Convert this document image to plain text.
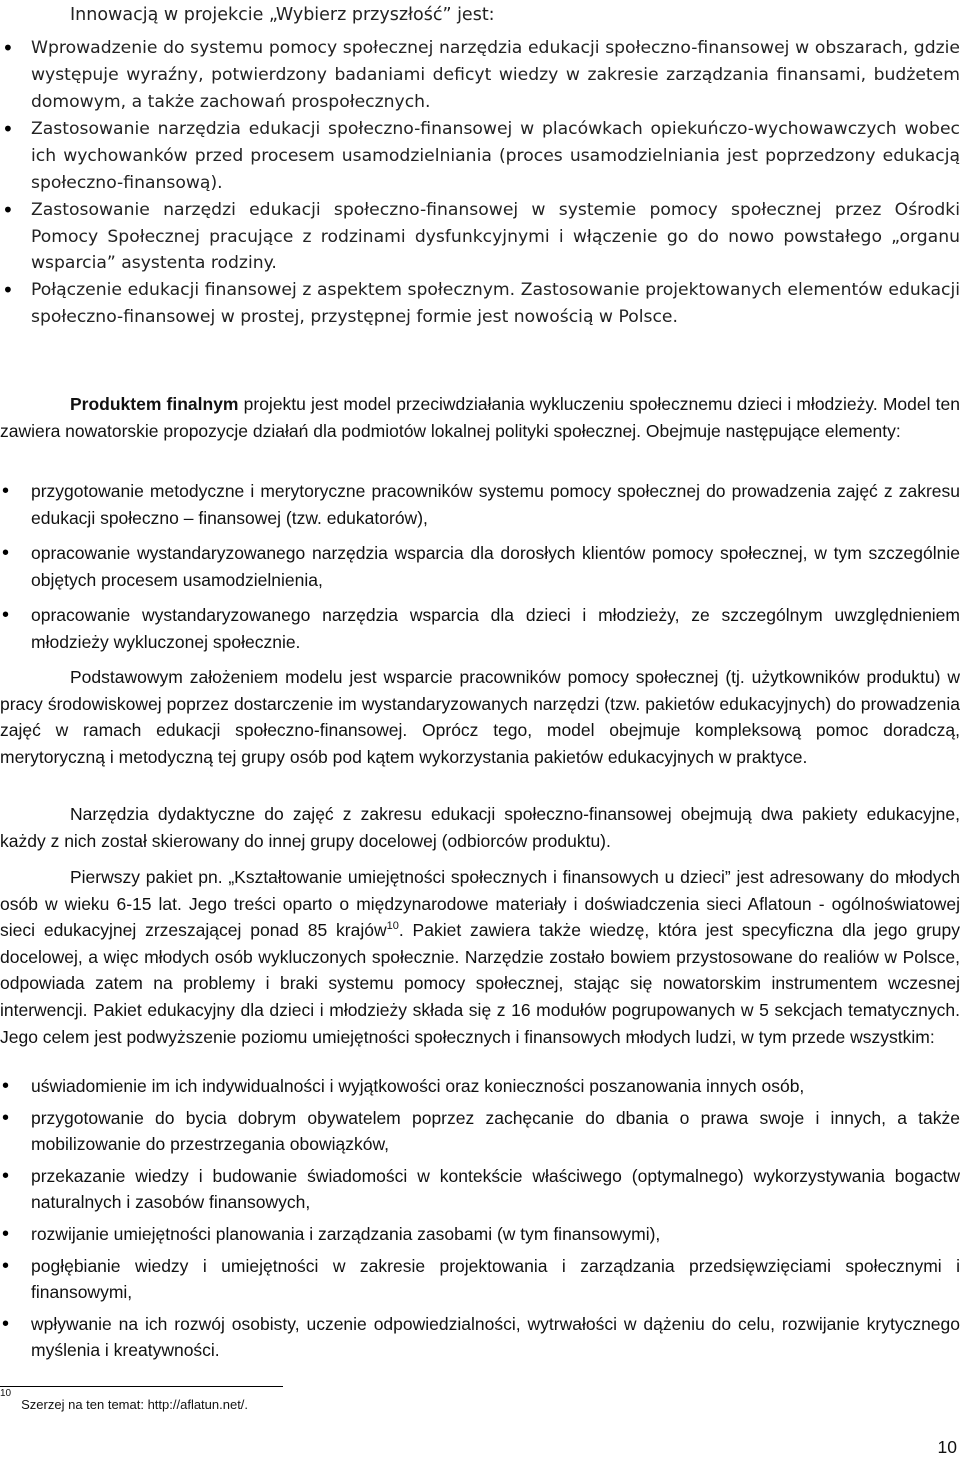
Innowacją w projekcie „Wybierz przyszłość” jest:
• Wprowadzenie do systemu pomocy społecznej narzędzia edukacji społeczno-finansowej w obszarach, gdzie występuje wyraźny, potwierdzony badaniami deficyt wiedzy w zakresie zarządzania finansami, budżetem domowym, a także zachowań prospołecznych.
• Zastosowanie narzędzia edukacji społeczno-finansowej w placówkach opiekuńczo-wychowawczych wobec ich wychowanków przed procesem usamodzielniania (proces usamodzielniania jest poprzedzony edukacją społeczno-finansową).
• Zastosowanie narzędzi edukacji społeczno-finansowej w systemie pomocy społecznej przez Ośrodki Pomocy Społecznej pracujące z rodzinami dysfunkcyjnymi i włączenie go do nowo powstałego „organu wsparcia” asystenta rodziny.
• Połączenie edukacji finansowej z aspektem społecznym. Zastosowanie projektowanych elementów edukacji społeczno-finansowej w prostej, przystępnej formie jest nowością w Polsce.

Produktem finalnym projektu jest model przeciwdziałania wykluczeniu społecznemu dzieci i młodzieży. Model ten zawiera nowatorskie propozycje działań dla podmiotów lokalnej polityki społecznej. Obejmuje następujące elementy:

• przygotowanie metodyczne i merytoryczne pracowników systemu pomocy społecznej do prowadzenia zajęć z zakresu edukacji społeczno – finansowej (tzw. edukatorów),
• opracowanie wystandaryzowanego narzędzia wsparcia dla dorosłych klientów pomocy społecznej, w tym szczególnie objętych procesem usamodzielnienia,
• opracowanie wystandaryzowanego narzędzia wsparcia dla dzieci i młodzieży, ze szczególnym uwzględnieniem młodzieży wykluczonej społecznie.

Podstawowym założeniem modelu jest wsparcie pracowników pomocy społecznej (tj. użytkowników produktu) w pracy środowiskowej poprzez dostarczenie im wystandaryzowanych narzędzi (tzw. pakietów edukacyjnych) do prowadzenia zajęć w ramach edukacji społeczno-finansowej. Oprócz tego, model obejmuje kompleksową pomoc doradczą, merytoryczną i metodyczną tej grupy osób pod kątem wykorzystania pakietów edukacyjnych w praktyce.

Narzędzia dydaktyczne do zajęć z zakresu edukacji społeczno-finansowej obejmują dwa pakiety edukacyjne, każdy z nich został skierowany do innej grupy docelowej (odbiorców produktu).

Pierwszy pakiet pn. „Kształtowanie umiejętności społecznych i finansowych u dzieci” jest adresowany do młodych osób w wieku 6-15 lat. Jego treści oparto o międzynarodowe materiały i doświadczenia sieci Aflatoun - ogólnoświatowej sieci edukacyjnej zrzeszającej ponad 85 krajów$^{10}$. Pakiet zawiera także wiedzę, która jest specyficzna dla jego grupy docelowej, a więc młodych osób wykluczonych społecznie. Narzędzie zostało bowiem przystosowane do realiów w Polsce, odpowiada zatem na problemy i braki systemu pomocy społecznej, stając się nowatorskim instrumentem wczesnej interwencji. Pakiet edukacyjny dla dzieci i młodzieży składa się z 16 modułów pogrupowanych w 5 sekcjach tematycznych. Jego celem jest podwyższenie poziomu umiejętności społecznych i finansowych młodych ludzi, w tym przede wszystkim:

• uświadomienie im ich indywidualności i wyjątkowości oraz konieczności poszanowania innych osób,
• przygotowanie do bycia dobrym obywatelem poprzez zachęcanie do dbania o prawa swoje i innych, a także mobilizowanie do przestrzegania obowiązków,
• przekazanie wiedzy i budowanie świadomości w kontekście właściwego (optymalnego) wykorzystywania bogactw naturalnych i zasobów finansowych,
• rozwijanie umiejętności planowania i zarządzania zasobami (w tym finansowymi),
• pogłębianie wiedzy i umiejętności w zakresie projektowania i zarządzania przedsięwzięciami społecznymi i finansowymi,
• wpływanie na ich rozwój osobisty, uczenie odpowiedzialności, wytrwałości w dążeniu do celu, rozwijanie krytycznego myślenia i kreatywności.
$^{10}$Szerzej na ten temat: http://aflatun.net/.
10
